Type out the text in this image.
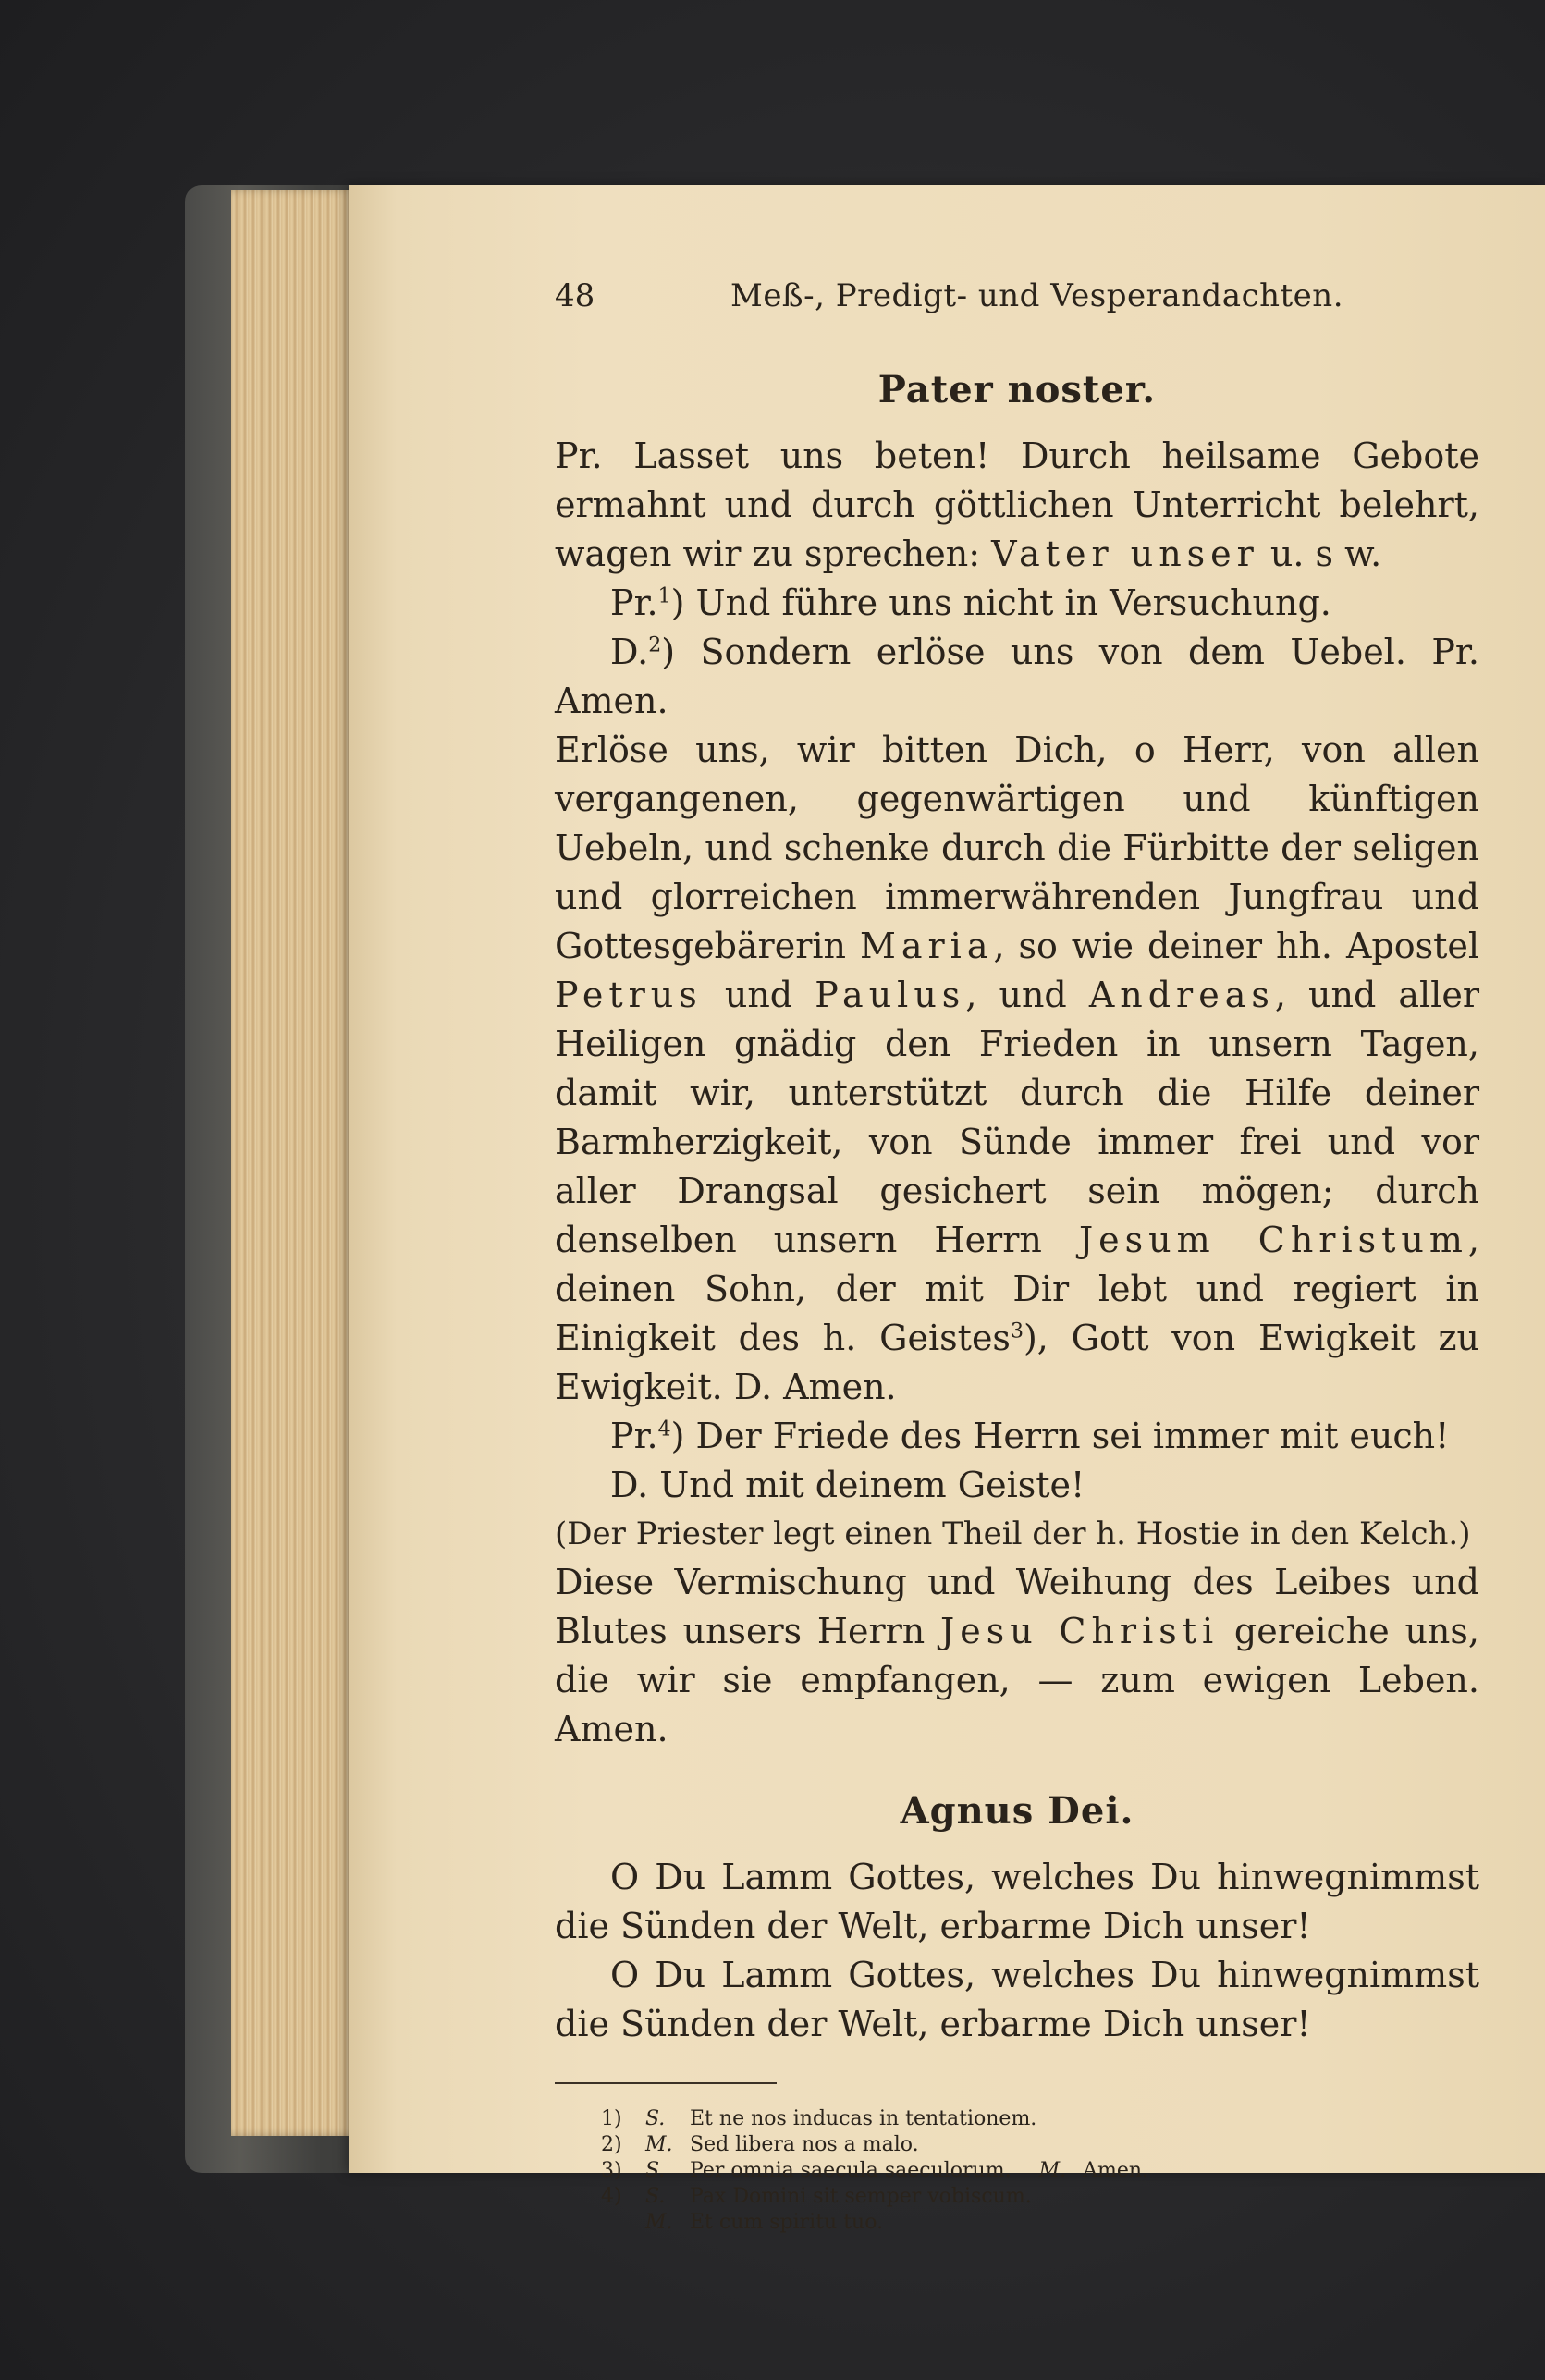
48	Meß-, Predigt- und Vesperandachten.
Pater noster.

Pr. Lasset uns beten! Durch heilsame Gebote ermahnt und durch göttlichen Unterricht belehrt, wagen wir zu sprechen: Vater unser u. s w.

Pr.$^1$) Und führe uns nicht in Versuchung.

D.$^2$) Sondern erlöse uns von dem Uebel. Pr. Amen.

Erlöse uns, wir bitten Dich, o Herr, von allen vergangenen, gegenwärtigen und künftigen Uebeln, und schenke durch die Fürbitte der seligen und glorreichen immerwährenden Jungfrau und Gottesgebärerin Maria, so wie deiner hh. Apostel Petrus und Paulus, und Andreas, und aller Heiligen gnädig den Frieden in unsern Tagen, damit wir, unterstützt durch die Hilfe deiner Barmherzigkeit, von Sünde immer frei und vor aller Drangsal gesichert sein mögen; durch denselben unsern Herrn Jesum Christum, deinen Sohn, der mit Dir lebt und regiert in Einigkeit des h. Geistes$^3$), Gott von Ewigkeit zu Ewigkeit. D. Amen.

Pr.$^4$) Der Friede des Herrn sei immer mit euch!

D. Und mit deinem Geiste!

(Der Priester legt einen Theil der h. Hostie in den Kelch.)

Diese Vermischung und Weihung des Leibes und Blutes unsers Herrn Jesu Christi gereiche uns, die wir sie empfangen, — zum ewigen Leben. Amen.

Agnus Dei.

O Du Lamm Gottes, welches Du hinwegnimmst die Sünden der Welt, erbarme Dich unser!

O Du Lamm Gottes, welches Du hinwegnimmst die Sünden der Welt, erbarme Dich unser!

1) S. Et ne nos inducas in tentationem.
2) M. Sed libera nos a malo.
3) S. Per omnia saecula saeculorum. M. Amen.
4) S. Pax Domini sit semper vobiscum.
M. Et cum spiritu tuo.
